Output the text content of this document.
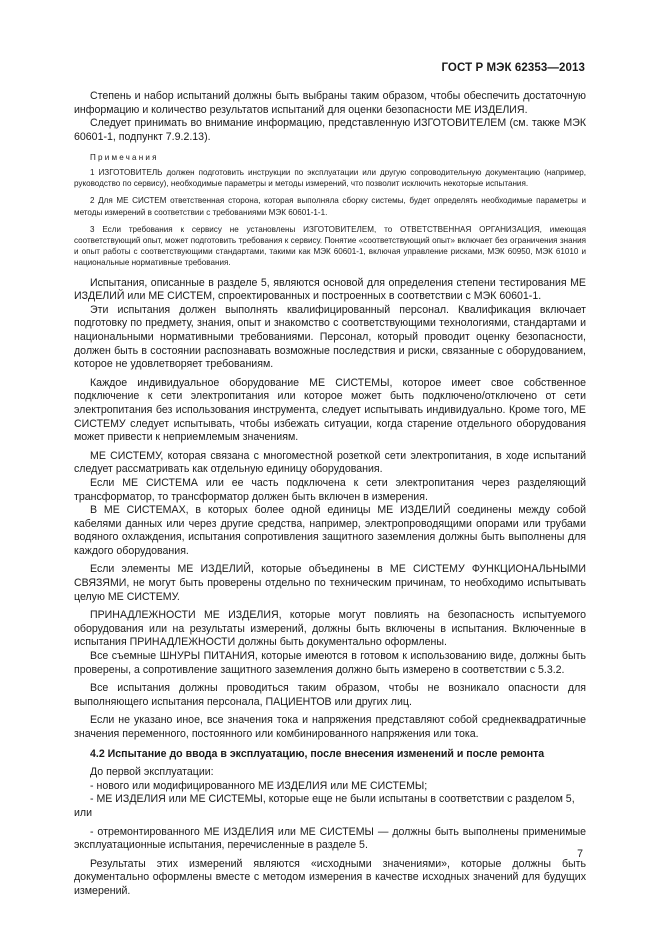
ГОСТ Р МЭК 62353—2013

Степень и набор испытаний должны быть выбраны таким образом, чтобы обеспечить достаточную информацию и количество результатов испытаний для оценки безопасности МЕ ИЗДЕЛИЯ.

Следует принимать во внимание информацию, представленную ИЗГОТОВИТЕЛЕМ (см. также МЭК 60601-1, подпункт 7.9.2.13).

Примечания

1 ИЗГОТОВИТЕЛЬ должен подготовить инструкции по эксплуатации или другую сопроводительную документацию (например, руководство по сервису), необходимые параметры и методы измерений, что позволит исключить некоторые испытания.

2 Для МЕ СИСТЕМ ответственная сторона, которая выполняла сборку системы, будет определять необходимые параметры и методы измерений в соответствии с требованиями МЭК 60601-1-1.

3 Если требования к сервису не установлены ИЗГОТОВИТЕЛЕМ, то ОТВЕТСТВЕННАЯ ОРГАНИЗАЦИЯ, имеющая соответствующий опыт, может подготовить требования к сервису. Понятие «соответствующий опыт» включает без ограничения знания и опыт работы с соответствующими стандартами, такими как МЭК 60601-1, включая управление рисками, МЭК 60950, МЭК 61010 и национальные нормативные требования.

Испытания, описанные в разделе 5, являются основой для определения степени тестирования МЕ ИЗДЕЛИЙ или МЕ СИСТЕМ, спроектированных и построенных в соответствии с МЭК 60601-1.

Эти испытания должен выполнять квалифицированный персонал. Квалификация включает подготовку по предмету, знания, опыт и знакомство с соответствующими технологиями, стандартами и национальными нормативными требованиями. Персонал, который проводит оценку безопасности, должен быть в состоянии распознавать возможные последствия и риски, связанные с оборудованием, которое не удовлетворяет требованиям.

Каждое индивидуальное оборудование МЕ СИСТЕМЫ, которое имеет свое собственное подключение к сети электропитания или которое может быть подключено/отключено от сети электропитания без использования инструмента, следует испытывать индивидуально. Кроме того, МЕ СИСТЕМУ следует испытывать, чтобы избежать ситуации, когда старение отдельного оборудования может привести к неприемлемым значениям.

МЕ СИСТЕМУ, которая связана с многоместной розеткой сети электропитания, в ходе испытаний следует рассматривать как отдельную единицу оборудования.

Если МЕ СИСТЕМА или ее часть подключена к сети электропитания через разделяющий трансформатор, то трансформатор должен быть включен в измерения.

В МЕ СИСТЕМАХ, в которых более одной единицы МЕ ИЗДЕЛИЙ соединены между собой кабелями данных или через другие средства, например, электропроводящими опорами или трубами водяного охлаждения, испытания сопротивления защитного заземления должны быть выполнены для каждого оборудования.

Если элементы МЕ ИЗДЕЛИЙ, которые объединены в МЕ СИСТЕМУ ФУНКЦИОНАЛЬНЫМИ СВЯЗЯМИ, не могут быть проверены отдельно по техническим причинам, то необходимо испытывать целую МЕ СИСТЕМУ.

ПРИНАДЛЕЖНОСТИ МЕ ИЗДЕЛИЯ, которые могут повлиять на безопасность испытуемого оборудования или на результаты измерений, должны быть включены в испытания. Включенные в испытания ПРИНАДЛЕЖНОСТИ должны быть документально оформлены.

Все съемные ШНУРЫ ПИТАНИЯ, которые имеются в готовом к использованию виде, должны быть проверены, а сопротивление защитного заземления должно быть измерено в соответствии с 5.3.2.

Все испытания должны проводиться таким образом, чтобы не возникало опасности для выполняющего испытания персонала, ПАЦИЕНТОВ или других лиц.

Если не указано иное, все значения тока и напряжения представляют собой среднеквадратичные значения переменного, постоянного или комбинированного напряжения или тока.

4.2 Испытание до ввода в эксплуатацию, после внесения изменений и после ремонта

До первой эксплуатации:

- нового или модифицированного МЕ ИЗДЕЛИЯ или МЕ СИСТЕМЫ;

- МЕ ИЗДЕЛИЯ или МЕ СИСТЕМЫ, которые еще не были испытаны в соответствии с разделом 5,

или

- отремонтированного МЕ ИЗДЕЛИЯ или МЕ СИСТЕМЫ — должны быть выполнены применимые эксплуатационные испытания, перечисленные в разделе 5.

Результаты этих измерений являются «исходными значениями», которые должны быть документально оформлены вместе с методом измерения в качестве исходных значений для будущих измерений.

7
